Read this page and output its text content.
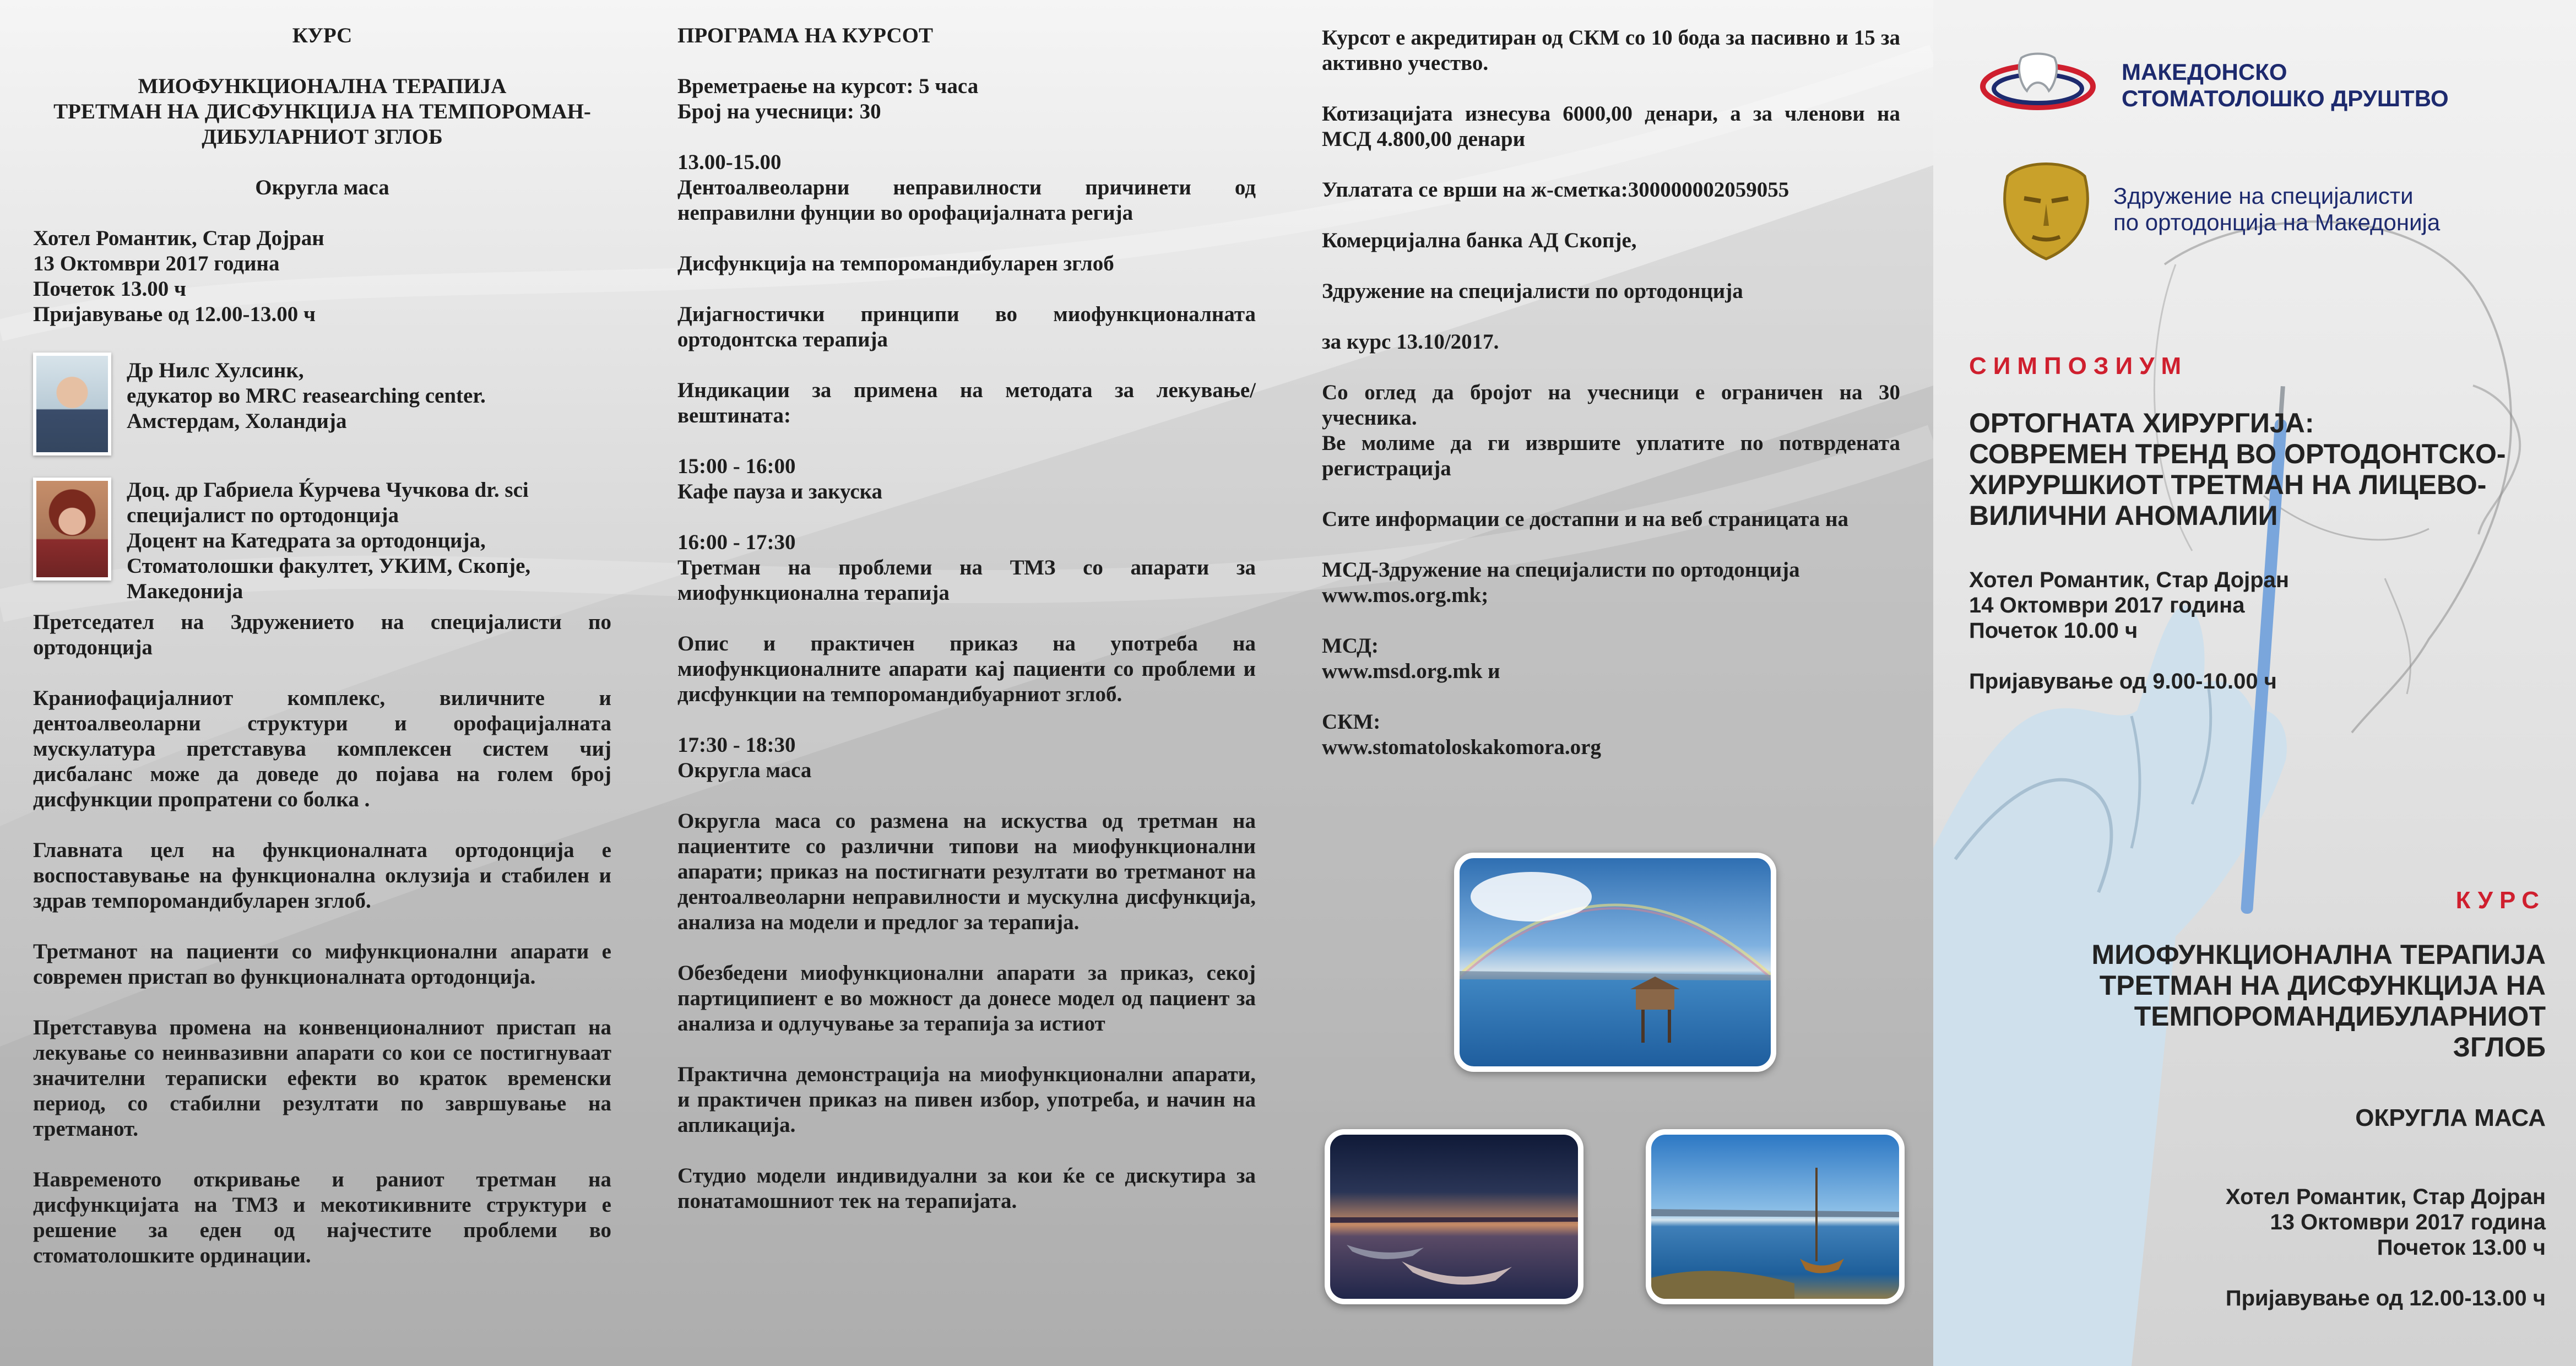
КУРС

МИОФУНКЦИОНАЛНА ТЕРАПИЈА
ТРЕТМАН НА ДИСФУНКЦИЈА НА ТЕМПОРОМАН-

ДИБУЛАРНИОТ ЗГЛОБ

Округла маса

Хотел Романтик, Стар Дојран
13 Октомври 2017 година
Почеток 13.00 ч

Пријавување од 12.00-13.00 ч

Др Нилс Хулсинк,
едукатор во MRC reasearching center.
Амстердам, Холандија
Доц. др Габриела Ќурчева Чучкова dr. sci
специјалист по ортодонција
Доцент на Катедрата за ортодонција,
Стоматолошки факултет, УКИМ, Скопје,
Македонија

Претседател на Здружението на специјалисти по ортодонција

Краниофацијалниот комплекс, виличните и дентоалвеоларни структури и орофацијалната мускулатура претставува комплексен систем чиј дисбаланс може да доведе до појава на голем број дисфункции пропратени со болка .

Главната цел на функционалната ортодонција е воспоставување на функционална оклузија и стабилен и здрав темпоромандибуларен зглоб.

Третманот на пациенти со мифункционални апарати е современ пристап во функционалната ортодонција.

Претставува промена на конвенционалниот пристап на лекување со неинвазивни апарати со кои се постигнуваат значителни тераписки ефекти во краток временски период, со стабилни резултати по завршување на третманот.

Навременото откривање и раниот третман на дисфункцијата на ТМЗ и мекотикивните структури е решение за еден од најчестите проблеми во стоматолошките ординации.

ПРОГРАМА НА КУРСОТ

Времетраење на курсот: 5 часа

Број на учесници: 30

13.00-15.00

Дентоалвеоларни неправилности причинети од неправилни фунции во орофацијалната регија

Дисфункција на темпоромандибуларен зглоб

Дијагностички принципи во миофункционалната ортодонтска терапија

Индикации за примена на методата за лекување/вештината:

15:00 - 16:00

Кафе пауза и закуска

16:00 - 17:30

Третман на проблеми на ТМЗ со апарати за миофункционална терапија

Опис и практичен приказ на употреба на миофункционалните апарати кај пациенти со проблеми и дисфункции на темпоромандибуарниот зглоб.

17:30 - 18:30

Округла маса

Округла маса со размена на искуства од третман на пациентите со различни типови на миофункционални апарати; приказ на постигнати резултати во третманот на дентоалвеоларни неправилности и мускулна дисфункција, анализа на модели и предлог за терапија.

Обезбедени миофункционални апарати за приказ, секој партиципиент е во можност да донесе модел од пациент за анализа и одлучување за терапија за истиот

Практична демонстрација на миофункционални апарати, и практичен приказ на пивен избор, употреба, и начин на апликација.

Студио модели индивидуални за кои ќе се дискутира за понатамошниот тек на терапијата.

Курсот е акредитиран од СКМ со 10 бода за пасивно и 15 за активно учество.

Котизацијата изнесува 6000,00 денари, а за членови на МСД 4.800,00 денари

Уплатата се врши на ж-сметка:300000002059055

Комерцијална банка АД Скопје,

Здружение на специјалисти по ортодонција

за курс 13.10/2017.

Со оглед да бројот на учесници е ограничен на 30 учесника.

Ве молиме да ги извршите уплатите по потврдената регистрација

Сите информации се достапни и на веб страницата на

МСД-Здружение на специјалисти по ортодонција

www.mos.org.mk;

МСД:

www.msd.org.mk и

СКМ:
www.stomatoloskakomora.org
МАКЕДОНСКО
СТОМАТОЛОШКО ДРУШТВО
Здружение на специјалисти
по ортодонција на Македонија
СИМПОЗИУМ
ОРТОГНАТА ХИРУРГИЈА:
СОВРЕМЕН ТРЕНД ВО ОРТОДОНТСКО-
ХИРУРШКИОТ ТРЕТМАН НА ЛИЦЕВО-
ВИЛИЧНИ АНОМАЛИИ
Хотел Романтик, Стар Дојран
14 Октомври 2017 година

Почеток 10.00 ч

Пријавување од 9.00-10.00 ч
КУРС
МИОФУНКЦИОНАЛНА ТЕРАПИЈА
ТРЕТМАН НА ДИСФУНКЦИЈА НА
ТЕМПОРОМАНДИБУЛАРНИОТ
ЗГЛОБ
ОКРУГЛА МАСА
Хотел Романтик, Стар Дојран
13 Октомври 2017 година

Почеток 13.00 ч

Пријавување од 12.00-13.00 ч
